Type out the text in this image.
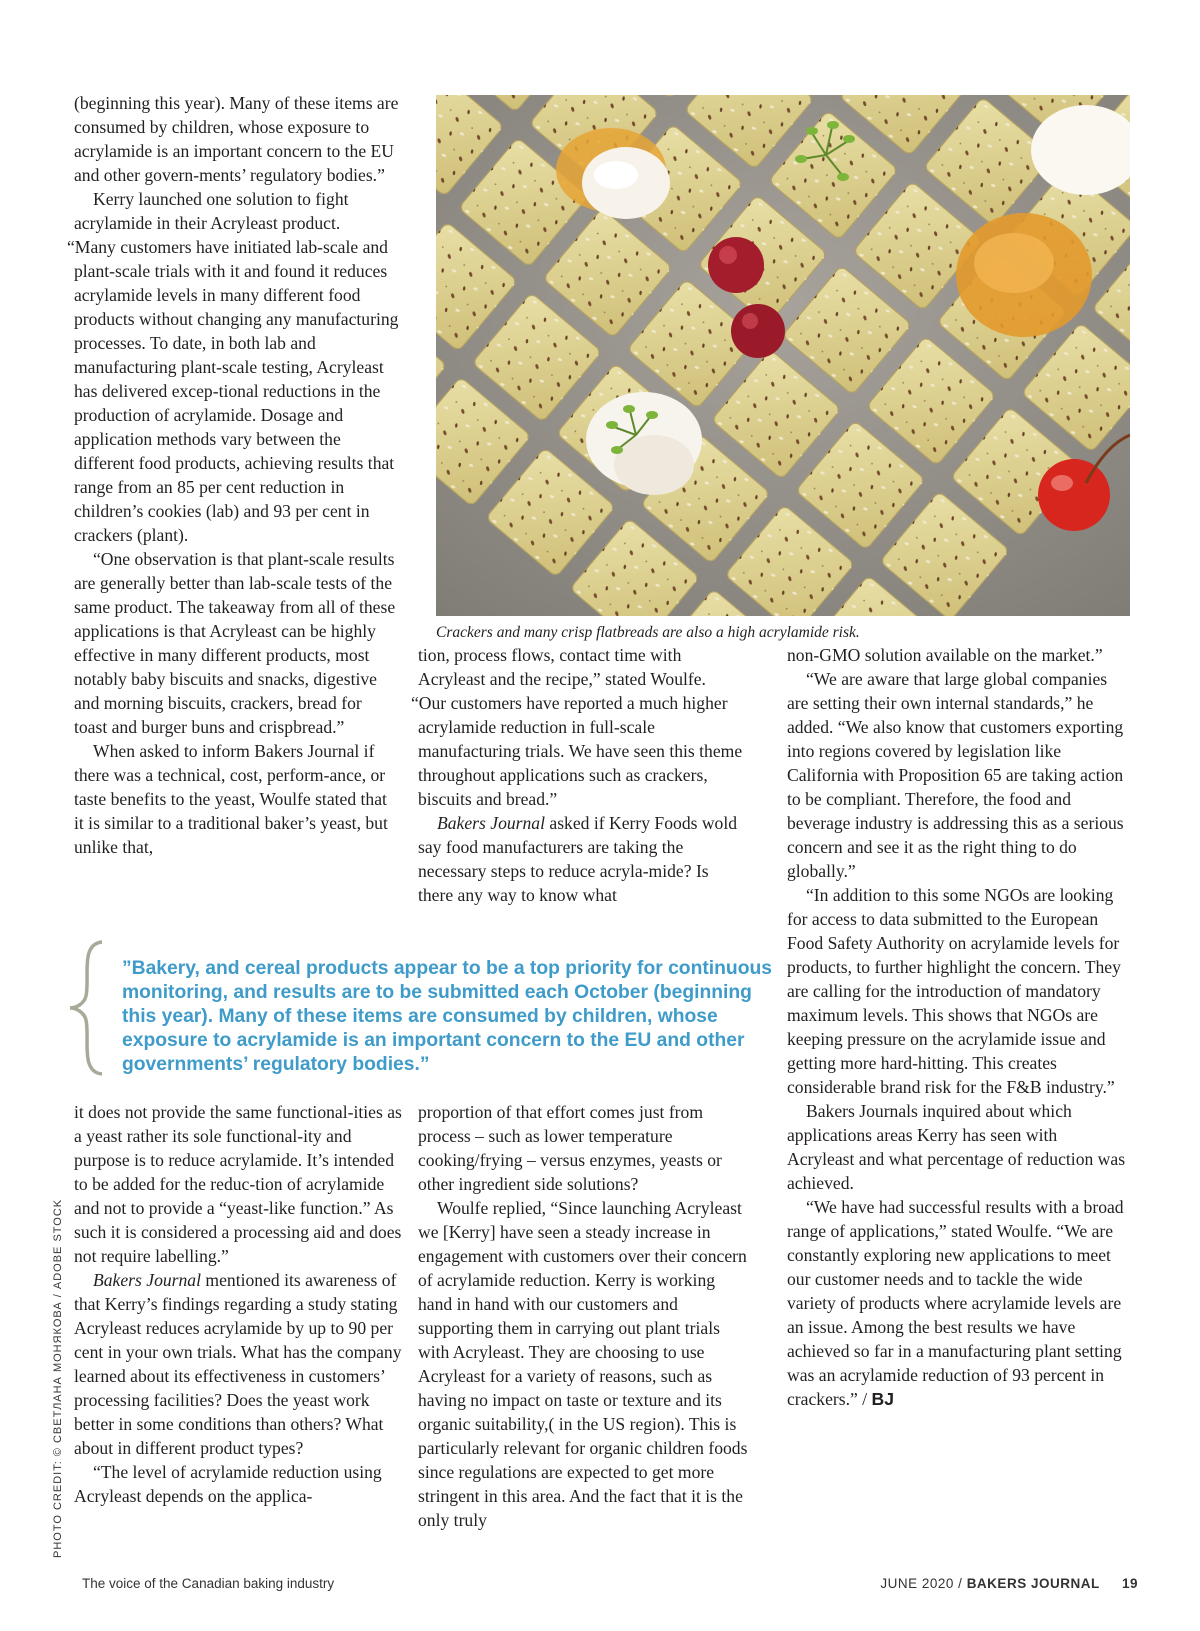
(beginning this year). Many of these items are consumed by children, whose exposure to acrylamide is an important concern to the EU and other govern-ments’ regulatory bodies.”

Kerry launched one solution to fight acrylamide in their Acryleast product.

“Many customers have initiated lab-scale and plant-scale trials with it and found it reduces acrylamide levels in many different food products without changing any manufacturing processes. To date, in both lab and manufacturing plant-scale testing, Acryleast has delivered excep-tional reductions in the production of acrylamide. Dosage and application methods vary between the different food products, achieving results that range from an 85 per cent reduction in children’s cookies (lab) and 93 per cent in crackers (plant).

“One observation is that plant-scale results are generally better than lab-scale tests of the same product. The takeaway from all of these applications is that Acryleast can be highly effective in many different products, most notably baby biscuits and snacks, digestive and morning biscuits, crackers, bread for toast and burger buns and crispbread.”

When asked to inform Bakers Journal if there was a technical, cost, perform-ance, or taste benefits to the yeast, Woulfe stated that it is similar to a traditional baker’s yeast, but unlike that,

Crackers and many crisp flatbreads are also a high acrylamide risk.

tion, process flows, contact time with Acryleast and the recipe,” stated Woulfe.

“Our customers have reported a much higher acrylamide reduction in full-scale manufacturing trials. We have seen this theme throughout applications such as crackers, biscuits and bread.”

Bakers Journal asked if Kerry Foods wold say food manufacturers are taking the necessary steps to reduce acryla-mide? Is there any way to know what

”Bakery, and cereal products appear to be a top priority for continuous monitoring, and results are to be submitted each October (beginning this year). Many of these items are consumed by children, whose exposure to acrylamide is an important concern to the EU and other governments’ regulatory bodies.”

it does not provide the same functional-ities as a yeast rather its sole functional-ity and purpose is to reduce acrylamide. It’s intended to be added for the reduc-tion of acrylamide and not to provide a “yeast-like function.” As such it is considered a processing aid and does not require labelling.”

Bakers Journal mentioned its awareness of that Kerry’s findings regarding a study stating Acryleast reduces acrylamide by up to 90 per cent in your own trials. What has the company learned about its effectiveness in customers’ processing facilities? Does the yeast work better in some conditions than others? What about in different product types?

“The level of acrylamide reduction using Acryleast depends on the applica-

proportion of that effort comes just from process – such as lower temperature cooking/frying – versus enzymes, yeasts or other ingredient side solutions?

Woulfe replied, “Since launching Acryleast we [Kerry] have seen a steady increase in engagement with customers over their concern of acrylamide reduction. Kerry is working hand in hand with our customers and supporting them in carrying out plant trials with Acryleast. They are choosing to use Acryleast for a variety of reasons, such as having no impact on taste or texture and its organic suitability,( in the US region). This is particularly relevant for organic children foods since regulations are expected to get more stringent in this area. And the fact that it is the only truly

non-GMO solution available on the market.”

“We are aware that large global companies are setting their own internal standards,” he added. “We also know that customers exporting into regions covered by legislation like California with Proposition 65 are taking action to be compliant. Therefore, the food and beverage industry is addressing this as a serious concern and see it as the right thing to do globally.”

“In addition to this some NGOs are looking for access to data submitted to the European Food Safety Authority on acrylamide levels for products, to further highlight the concern. They are calling for the introduction of mandatory maximum levels. This shows that NGOs are keeping pressure on the acrylamide issue and getting more hard-hitting. This creates considerable brand risk for the F&B industry.”

Bakers Journals inquired about which applications areas Kerry has seen with Acryleast and what percentage of reduction was achieved.

“We have had successful results with a broad range of applications,” stated Woulfe. “We are constantly exploring new applications to meet our customer needs and to tackle the wide variety of products where acrylamide levels are an issue. Among the best results we have achieved so far in a manufacturing plant setting was an acrylamide reduction of 93 percent in crackers.” / BJ

PHOTO CREDIT: © СВЕТЛАНА МОНЯКОВА / ADOBE STOCK
The voice of the Canadian baking industry	JUNE 2020 / BAKERS JOURNAL 19
